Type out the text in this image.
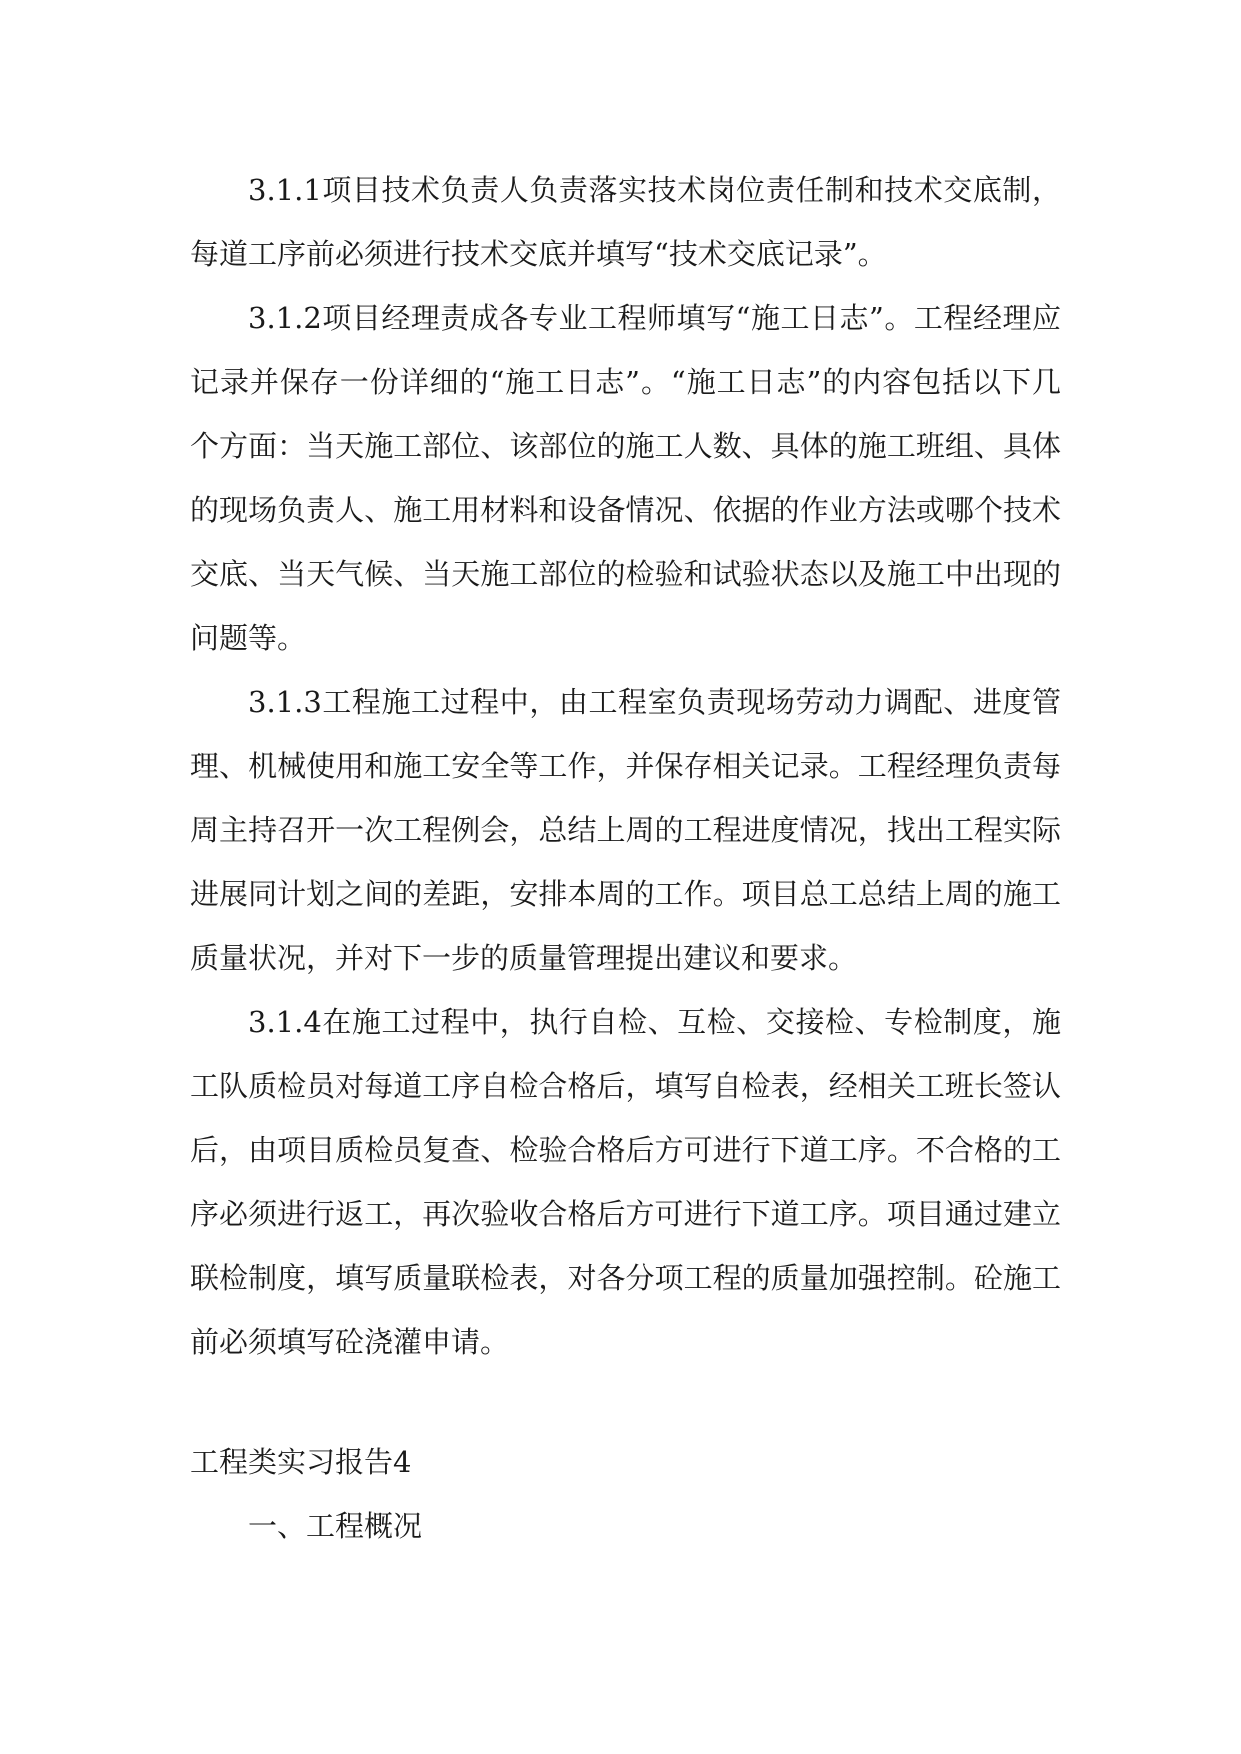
3.1.1项目技术负责人负责落实技术岗位责任制和技术交底制，每道工序前必须进行技术交底并填写“技术交底记录”。

3.1.2项目经理责成各专业工程师填写“施工日志”。工程经理应记录并保存一份详细的“施工日志”。“施工日志”的内容包括以下几个方面：当天施工部位、该部位的施工人数、具体的施工班组、具体的现场负责人、施工用材料和设备情况、依据的作业方法或哪个技术交底、当天气候、当天施工部位的检验和试验状态以及施工中出现的问题等。

3.1.3工程施工过程中，由工程室负责现场劳动力调配、进度管理、机械使用和施工安全等工作，并保存相关记录。工程经理负责每周主持召开一次工程例会，总结上周的工程进度情况，找出工程实际进展同计划之间的差距，安排本周的工作。项目总工总结上周的施工质量状况，并对下一步的质量管理提出建议和要求。

3.1.4在施工过程中，执行自检、互检、交接检、专检制度，施工队质检员对每道工序自检合格后，填写自检表，经相关工班长签认后，由项目质检员复查、检验合格后方可进行下道工序。不合格的工序必须进行返工，再次验收合格后方可进行下道工序。项目通过建立联检制度，填写质量联检表，对各分项工程的质量加强控制。砼施工前必须填写砼浇灌申请。

工程类实习报告4

一、工程概况
